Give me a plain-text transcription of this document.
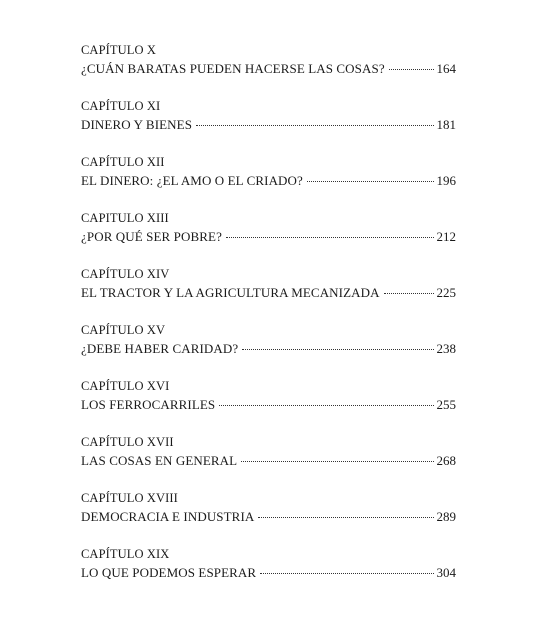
CAPÍTULO X
¿CUÁN BARATAS PUEDEN HACERSE LAS COSAS?	164
CAPÍTULO XI
DINERO Y BIENES	181
CAPÍTULO XII
EL DINERO: ¿EL AMO O EL CRIADO?	196
CAPITULO XIII
¿POR QUÉ SER POBRE?	212
CAPÍTULO XIV
EL TRACTOR Y LA AGRICULTURA MECANIZADA	225
CAPÍTULO XV
¿DEBE HABER CARIDAD?	238
CAPÍTULO XVI
LOS FERROCARRILES	255
CAPÍTULO XVII
LAS COSAS EN GENERAL	268
CAPÍTULO XVIII
DEMOCRACIA E INDUSTRIA	289
CAPÍTULO XIX
LO QUE PODEMOS ESPERAR	304
